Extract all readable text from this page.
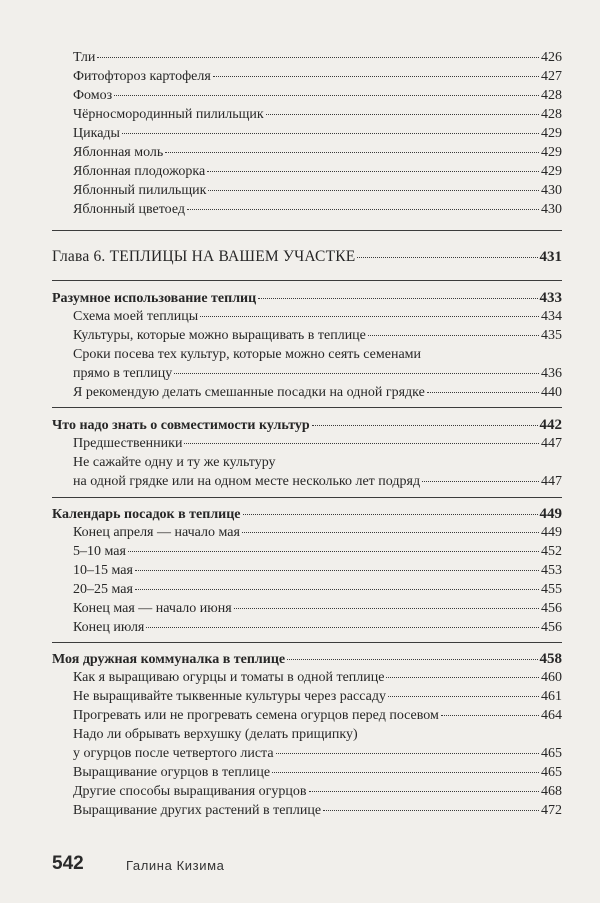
Тли	426
Фитофтороз картофеля	427
Фомоз	428
Чёрносмородинный пилильщик	428
Цикады	429
Яблонная моль	429
Яблонная плодожорка	429
Яблонный пилильщик	430
Яблонный цветоед	430
Глава 6. ТЕПЛИЦЫ НА ВАШЕМ УЧАСТКЕ	431
Разумное использование теплиц	433
Схема моей теплицы	434
Культуры, которые можно выращивать в теплице	435
Сроки посева тех культур, которые можно сеять семенами
прямо в теплицу	436
Я рекомендую делать смешанные посадки на одной грядке	440
Что надо знать о совместимости культур	442
Предшественники	447
Не сажайте одну и ту же культуру
на одной грядке или на одном месте несколько лет подряд	447
Календарь посадок в теплице	449
Конец апреля — начало мая	449
5–10 мая	452
10–15 мая	453
20–25 мая	455
Конец мая — начало июня	456
Конец июля	456
Моя дружная коммуналка в теплице	458
Как я выращиваю огурцы и томаты в одной теплице	460
Не выращивайте тыквенные культуры через рассаду	461
Прогревать или не прогревать семена огурцов перед посевом	464
Надо ли обрывать верхушку (делать прищипку)
у огурцов после четвертого листа	465
Выращивание огурцов в теплице	465
Другие способы выращивания огурцов	468
Выращивание других растений в теплице	472
542	Галина Кизима
